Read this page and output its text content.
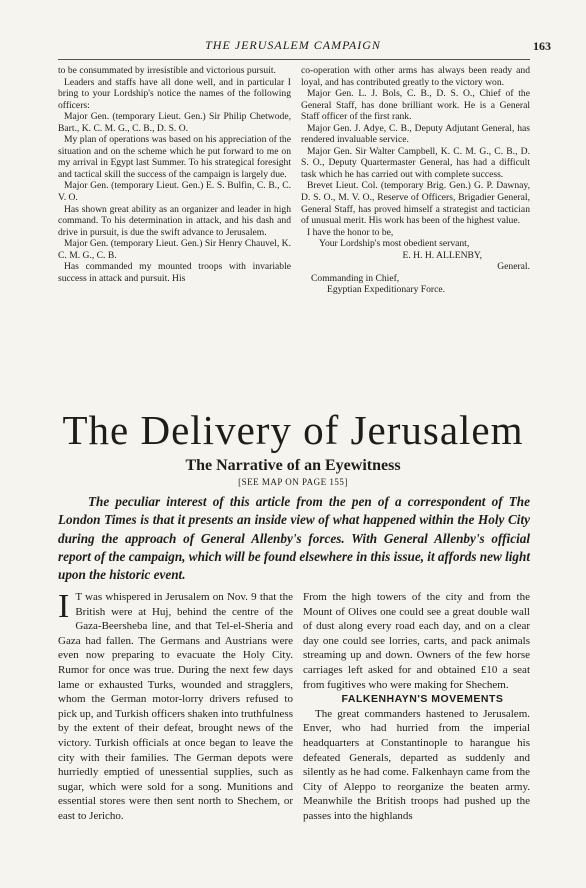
THE JERUSALEM CAMPAIGN	163

to be consummated by irresistible and victorious pursuit.

Leaders and staffs have all done well, and in particular I bring to your Lordship's notice the names of the following officers:

Major Gen. (temporary Lieut. Gen.) Sir Philip Chetwode, Bart., K. C. M. G., C. B., D. S. O.

My plan of operations was based on his appreciation of the situation and on the scheme which he put forward to me on my arrival in Egypt last Summer. To his strategical foresight and tactical skill the success of the campaign is largely due.

Major Gen. (temporary Lieut. Gen.) E. S. Bulfin, C. B., C. V. O.

Has shown great ability as an organizer and leader in high command. To his determination in attack, and his dash and drive in pursuit, is due the swift advance to Jerusalem.

Major Gen. (temporary Lieut. Gen.) Sir Henry Chauvel, K. C. M. G., C. B.

Has commanded my mounted troops with invariable success in attack and pursuit. His

co-operation with other arms has always been ready and loyal, and has contributed greatly to the victory won.

Major Gen. L. J. Bols, C. B., D. S. O., Chief of the General Staff, has done brilliant work. He is a General Staff officer of the first rank.

Major Gen. J. Adye, C. B., Deputy Adjutant General, has rendered invaluable service.

Major Gen. Sir Walter Campbell, K. C. M. G., C. B., D. S. O., Deputy Quartermaster General, has had a difficult task which he has carried out with complete success.

Brevet Lieut. Col. (temporary Brig. Gen.) G. P. Dawnay, D. S. O., M. V. O., Reserve of Officers, Brigadier General, General Staff, has proved himself a strategist and tactician of unusual merit. His work has been of the highest value.

I have the honor to be,

Your Lordship's most obedient servant,

E. H. H. ALLENBY,

General.

Commanding in Chief,

Egyptian Expeditionary Force.

The Delivery of Jerusalem
The Narrative of an Eyewitness
[SEE MAP ON PAGE 155]
The peculiar interest of this article from the pen of a correspondent of The London Times is that it presents an inside view of what happened within the Holy City during the approach of General Allenby's forces. With General Allenby's official report of the campaign, which will be found elsewhere in this issue, it affords new light upon the historic event.

I T was whispered in Jerusalem on Nov. 9 that the British were at Huj, behind the centre of the Gaza-Beersheba line, and that Tel-el-Sheria and Gaza had fallen. The Germans and Austrians were even now preparing to evacuate the Holy City. Rumor for once was true. During the next few days lame or exhausted Turks, wounded and stragglers, whom the German motor-lorry drivers refused to pick up, and Turkish officers shaken into truthfulness by the extent of their defeat, brought news of the victory. Turkish officials at once began to leave the city with their families. The German depots were hurriedly emptied of unessential supplies, such as sugar, which were sold for a song. Munitions and essential stores were then sent north to Shechem, or east to Jericho.

From the high towers of the city and from the Mount of Olives one could see a great double wall of dust along every road each day, and on a clear day one could see lorries, carts, and pack animals streaming up and down. Owners of the few horse carriages left asked for and obtained £10 a seat from fugitives who were making for Shechem.

FALKENHAYN'S MOVEMENTS

The great commanders hastened to Jerusalem. Enver, who had hurried from the imperial headquarters at Constantinople to harangue his defeated Generals, departed as suddenly and silently as he had come. Falkenhayn came from the City of Aleppo to reorganize the beaten army. Meanwhile the British troops had pushed up the passes into the highlands
